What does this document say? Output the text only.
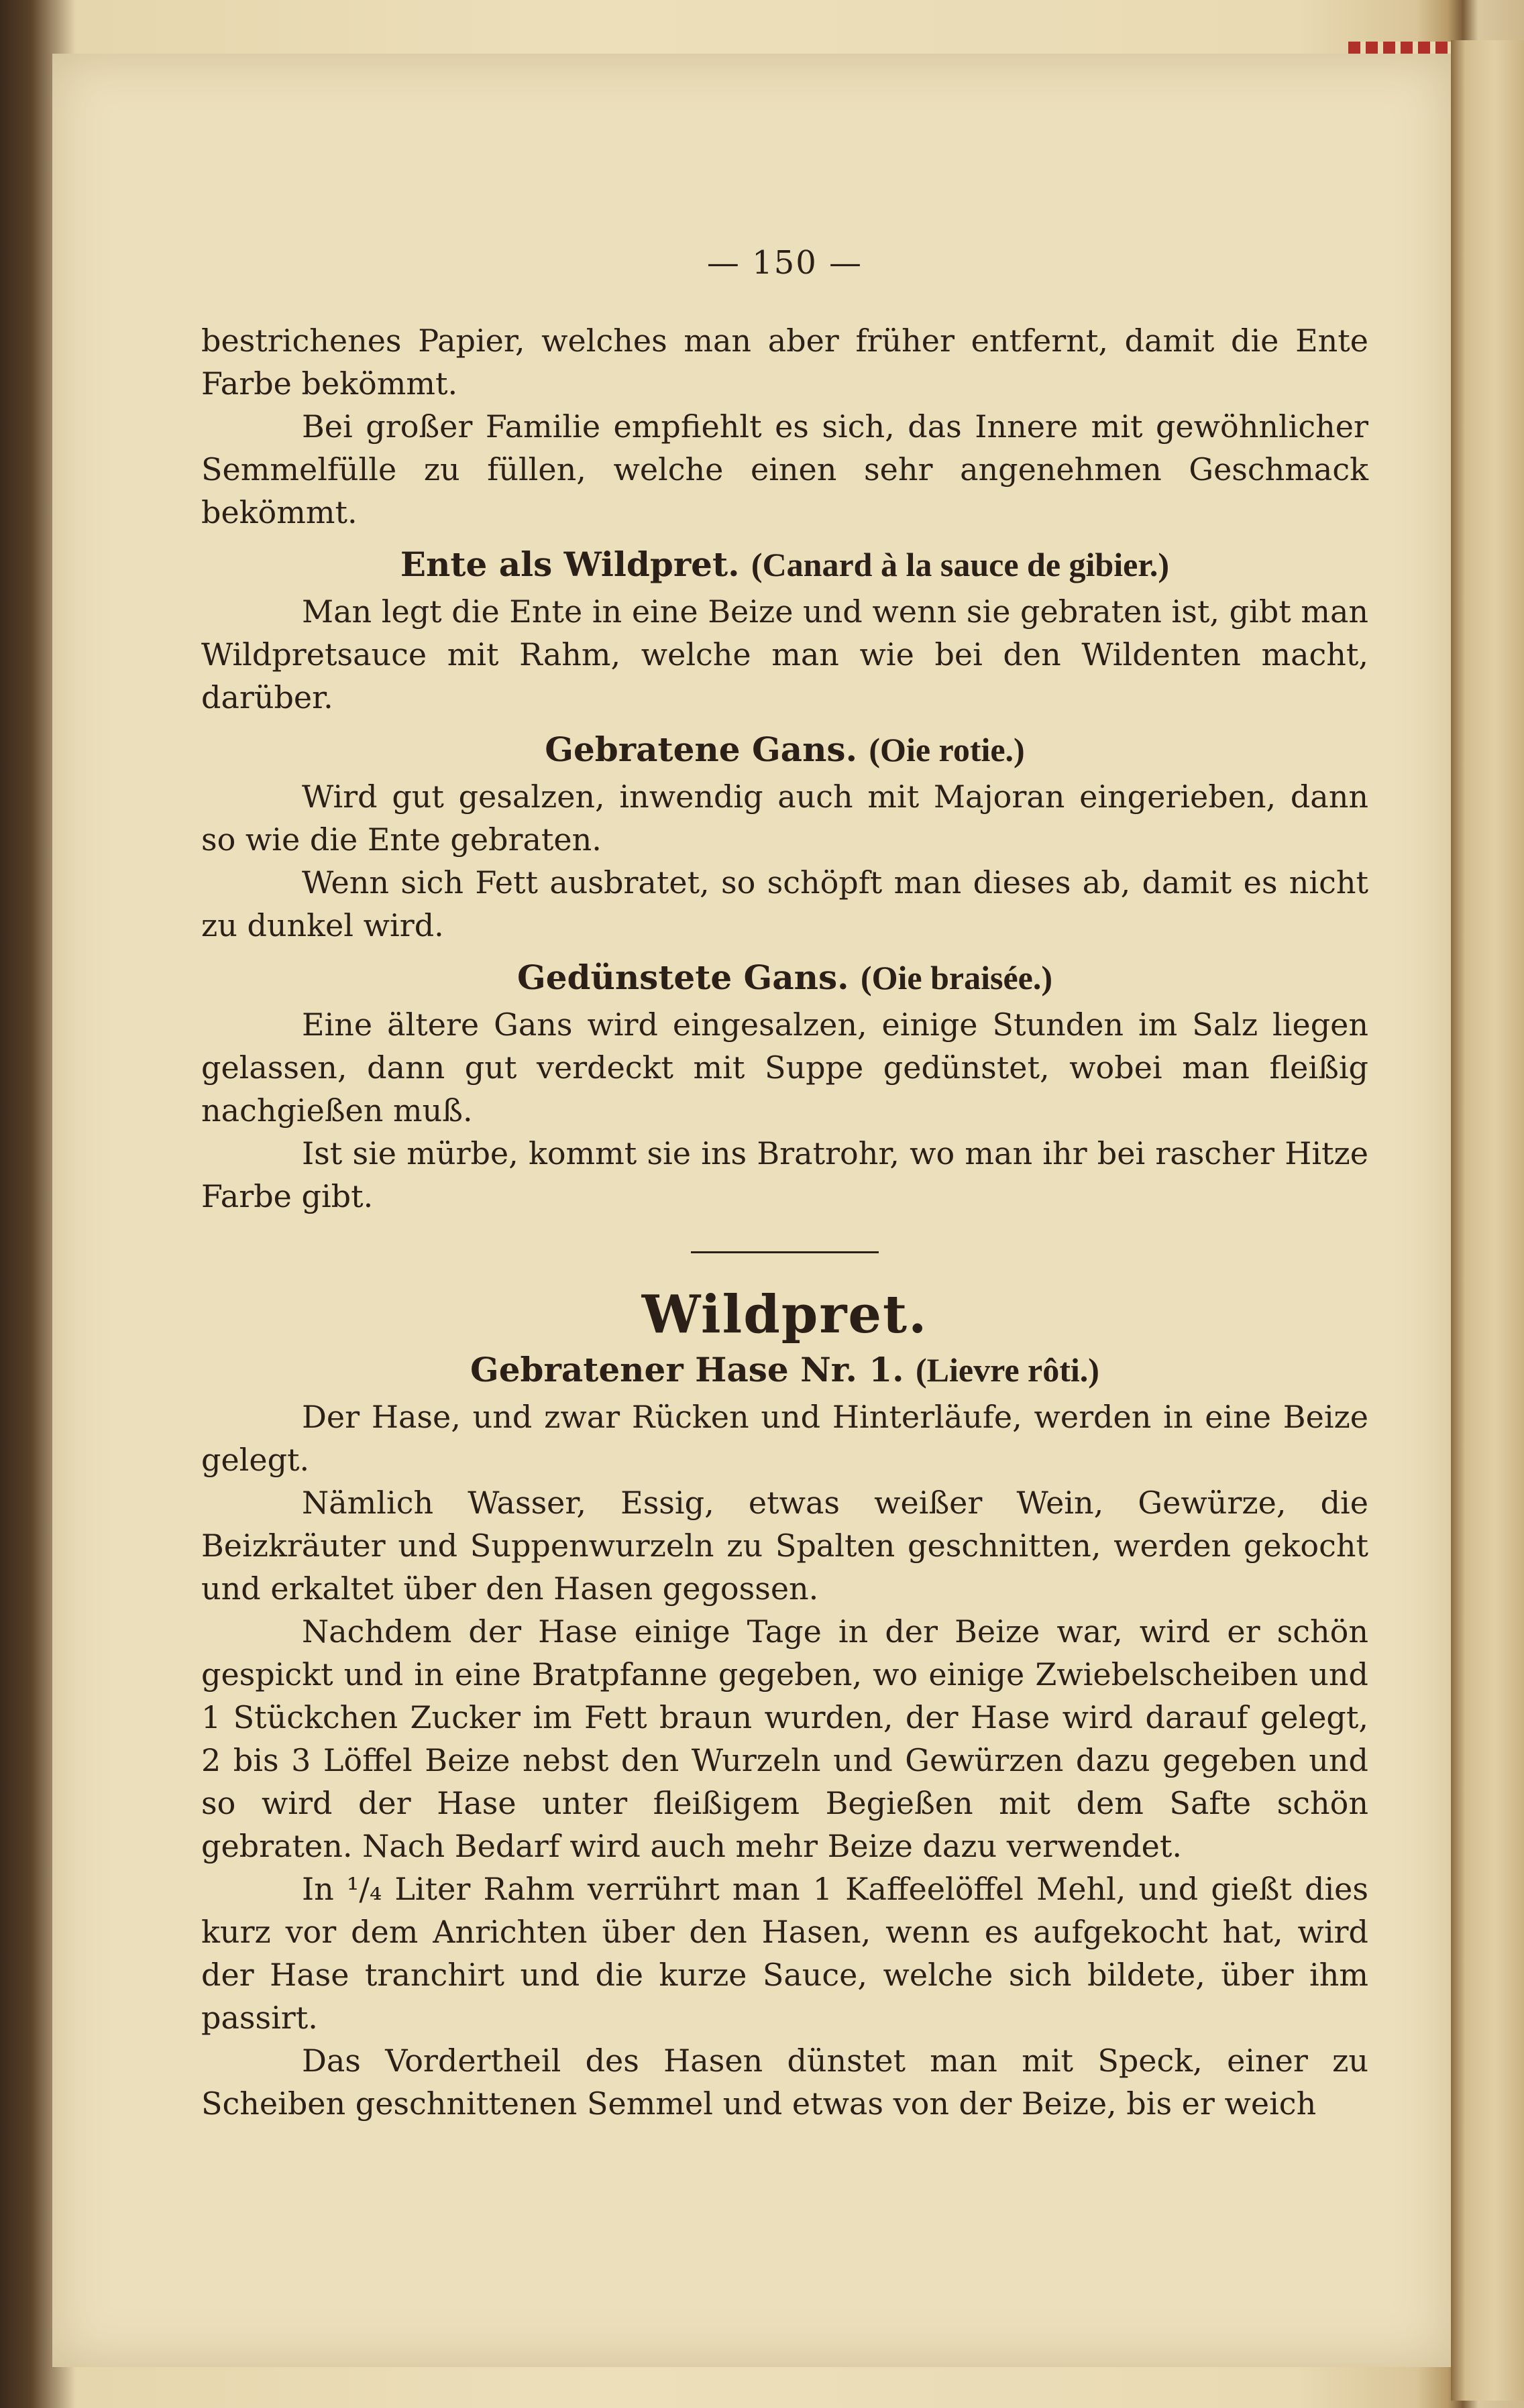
— 150 —

bestrichenes Papier, welches man aber früher entfernt, damit die Ente Farbe bekömmt.

Bei großer Familie empfiehlt es sich, das Innere mit gewöhnlicher Semmelfülle zu füllen, welche einen sehr angenehmen Geschmack bekömmt.

Ente als Wildpret. (Canard à la sauce de gibier.)

Man legt die Ente in eine Beize und wenn sie gebraten ist, gibt man Wildpretsauce mit Rahm, welche man wie bei den Wildenten macht, darüber.

Gebratene Gans. (Oie rotie.)

Wird gut gesalzen, inwendig auch mit Majoran eingerieben, dann so wie die Ente gebraten.

Wenn sich Fett ausbratet, so schöpft man dieses ab, damit es nicht zu dunkel wird.

Gedünstete Gans. (Oie braisée.)

Eine ältere Gans wird eingesalzen, einige Stunden im Salz liegen gelassen, dann gut verdeckt mit Suppe gedünstet, wobei man fleißig nachgießen muß.

Ist sie mürbe, kommt sie ins Bratrohr, wo man ihr bei rascher Hitze Farbe gibt.

Wildpret.
Gebratener Hase Nr. 1. (Lievre rôti.)

Der Hase, und zwar Rücken und Hinterläufe, werden in eine Beize gelegt.

Nämlich Wasser, Essig, etwas weißer Wein, Gewürze, die Beizkräuter und Suppenwurzeln zu Spalten geschnitten, werden gekocht und erkaltet über den Hasen gegossen.

Nachdem der Hase einige Tage in der Beize war, wird er schön gespickt und in eine Bratpfanne gegeben, wo einige Zwiebelscheiben und 1 Stückchen Zucker im Fett braun wurden, der Hase wird darauf gelegt, 2 bis 3 Löffel Beize nebst den Wurzeln und Gewürzen dazu gegeben und so wird der Hase unter fleißigem Begießen mit dem Safte schön gebraten. Nach Bedarf wird auch mehr Beize dazu verwendet.

In ¹/₄ Liter Rahm verrührt man 1 Kaffeelöffel Mehl, und gießt dies kurz vor dem Anrichten über den Hasen, wenn es aufgekocht hat, wird der Hase tranchirt und die kurze Sauce, welche sich bildete, über ihm passirt.

Das Vordertheil des Hasen dünstet man mit Speck, einer zu Scheiben geschnittenen Semmel und etwas von der Beize, bis er weich
